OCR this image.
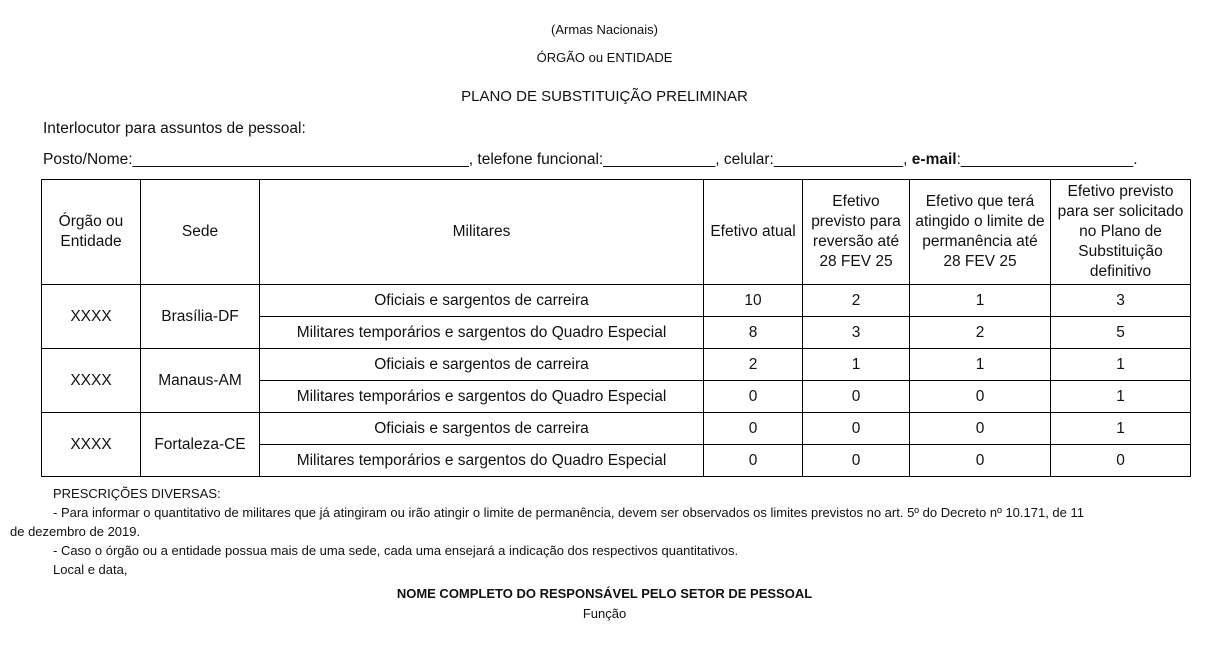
(Armas Nacionais)
ÓRGÃO ou ENTIDADE
PLANO DE SUBSTITUIÇÃO PRELIMINAR
Interlocutor para assuntos de pessoal:
Posto/Nome:_______________________________________, telefone funcional:_____________, celular:_______________, e-mail:____________________.
Órgão ou Entidade	Sede	Militares	Efetivo atual	Efetivo previsto para reversão até 28 FEV 25	Efetivo que terá atingido o limite de permanência até 28 FEV 25	Efetivo previsto para ser solicitado no Plano de Substituição definitivo
XXXX	Brasília-DF	Oficiais e sargentos de carreira	10	2	1	3
		Militares temporários e sargentos do Quadro Especial	8	3	2	5
XXXX	Manaus-AM	Oficiais e sargentos de carreira	2	1	1	1
		Militares temporários e sargentos do Quadro Especial	0	0	0	1
XXXX	Fortaleza-CE	Oficiais e sargentos de carreira	0	0	0	1
		Militares temporários e sargentos do Quadro Especial	0	0	0	0
PRESCRIÇÕES DIVERSAS:
- Para informar o quantitativo de militares que já atingiram ou irão atingir o limite de permanência, devem ser observados os limites previstos no art. 5º do Decreto nº 10.171, de 11
de dezembro de 2019.
- Caso o órgão ou a entidade possua mais de uma sede, cada uma ensejará a indicação dos respectivos quantitativos.
Local e data,
NOME COMPLETO DO RESPONSÁVEL PELO SETOR DE PESSOAL
Função
